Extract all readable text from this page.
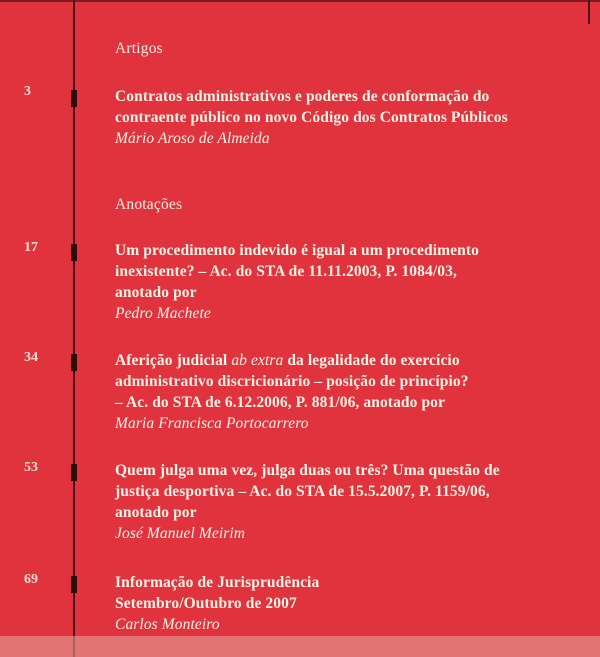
Artigos
3	Contratos administrativos e poderes de conformação do
contraente público no novo Código dos Contratos Públicos
Mário Aroso de Almeida
Anotações
17	Um procedimento indevido é igual a um procedimento
inexistente? – Ac. do STA de 11.11.2003, P. 1084/03,
anotado por
Pedro Machete
34	Aferição judicial ab extra da legalidade do exercício
administrativo discricionário – posição de princípio?
– Ac. do STA de 6.12.2006, P. 881/06, anotado por
Maria Francisca Portocarrero
53	Quem julga uma vez, julga duas ou três? Uma questão de
justiça desportiva – Ac. do STA de 15.5.2007, P. 1159/06,
anotado por
José Manuel Meirim
69	Informação de Jurisprudência
Setembro/Outubro de 2007
Carlos Monteiro
